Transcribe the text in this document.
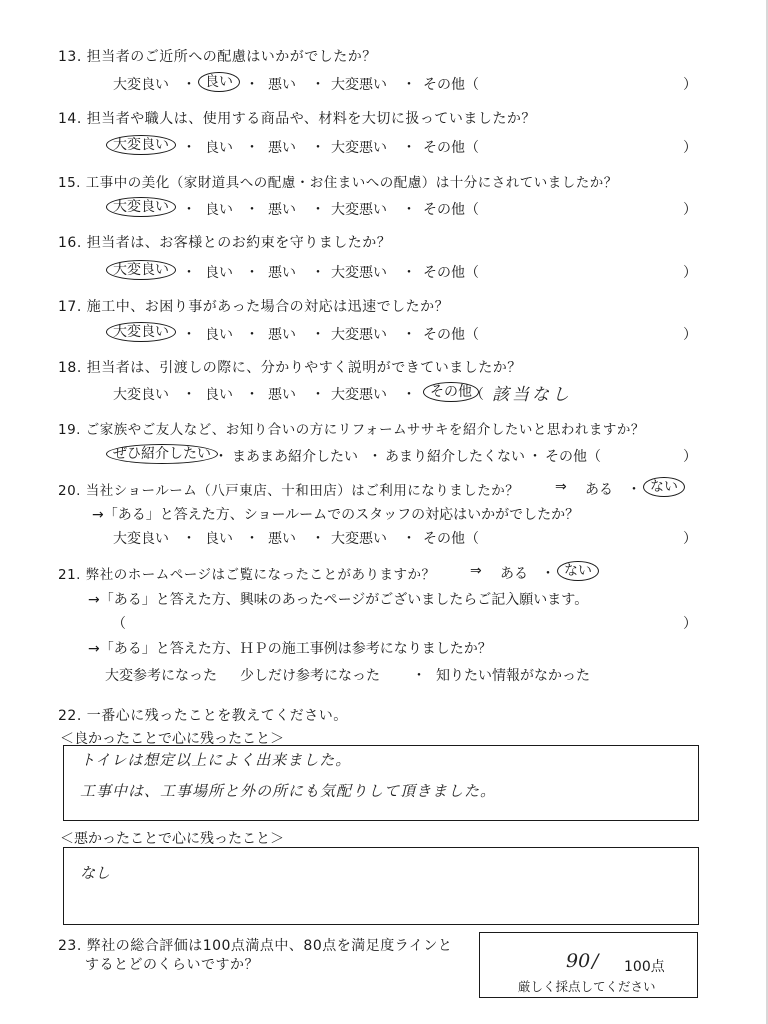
13. 担当者のご近所への配慮はいかがでしたか？
大変良い ・ 良い ・ 悪い ・ 大変悪い ・ その他（	）
14. 担当者や職人は、使用する商品や、材料を大切に扱っていましたか？
大変良い ・ 良い ・ 悪い ・ 大変悪い ・ その他（	）
15. 工事中の美化（家財道具への配慮・お住まいへの配慮）は十分にされていましたか？
大変良い ・ 良い ・ 悪い ・ 大変悪い ・ その他（	）
16. 担当者は、お客様とのお約束を守りましたか？
大変良い ・ 良い ・ 悪い ・ 大変悪い ・ その他（	）
17. 施工中、お困り事があった場合の対応は迅速でしたか？
大変良い ・ 良い ・ 悪い ・ 大変悪い ・ その他（	）
18. 担当者は、引渡しの際に、分かりやすく説明ができていましたか？
大変良い ・ 良い ・ 悪い ・ 大変悪い ・ その他
（ 該当なし
19. ご家族やご友人など、お知り合いの方にリフォームササキを紹介したいと思われますか？
ぜひ紹介したい ・ まあまあ紹介したい ・ あまり紹介したくない ・ その他（	）
20. 当社ショールーム（八戸東店、十和田店）はご利用になりましたか？	⇒ ある ・ ない
→「ある」と答えた方、ショールームでのスタッフの対応はいかがでしたか？
大変良い ・ 良い ・ 悪い ・ 大変悪い ・ その他（	）
21. 弊社のホームページはご覧になったことがありますか？ ⇒ ある ・ ない
→「ある」と答えた方、興味のあったページがございましたらご記入願います。
（	）
→「ある」と答えた方、ＨＰの施工事例は参考になりましたか？
大変参考になった 少しだけ参考になった ・ 知りたい情報がなかった
22. 一番心に残ったことを教えてください。
＜良かったことで心に残ったこと＞
トイレは想定以上によく出来ました。
工事中は、工事場所と外の所にも気配りして頂きました。
＜悪かったことで心に残ったこと＞
なし
23. 弊社の総合評価は100点満点中、80点を満足度ラインと
するとどのくらいですか？	90 / 100点
厳しく採点してください
